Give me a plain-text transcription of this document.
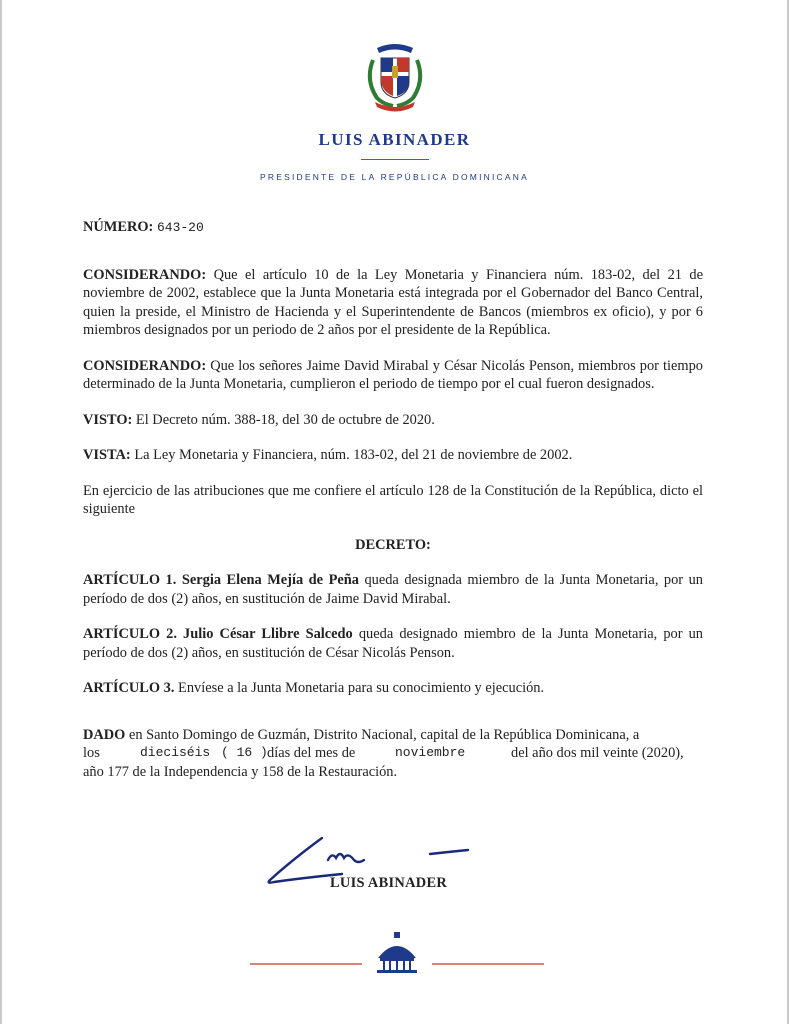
LUIS ABINADER
PRESIDENTE DE LA REPÚBLICA DOMINICANA

NÚMERO: 643-20

CONSIDERANDO: Que el artículo 10 de la Ley Monetaria y Financiera núm. 183-02, del 21 de noviembre de 2002, establece que la Junta Monetaria está integrada por el Gobernador del Banco Central, quien la preside, el Ministro de Hacienda y el Superintendente de Bancos (miembros ex oficio), y por 6 miembros designados por un periodo de 2 años por el presidente de la República.

CONSIDERANDO: Que los señores Jaime David Mirabal y César Nicolás Penson, miembros por tiempo determinado de la Junta Monetaria, cumplieron el periodo de tiempo por el cual fueron designados.

VISTO: El Decreto núm. 388-18, del 30 de octubre de 2020.

VISTA: La Ley Monetaria y Financiera, núm. 183-02, del 21 de noviembre de 2002.

En ejercicio de las atribuciones que me confiere el artículo 128 de la Constitución de la República, dicto el siguiente

DECRETO:

ARTÍCULO 1. Sergia Elena Mejía de Peña queda designada miembro de la Junta Monetaria, por un período de dos (2) años, en sustitución de Jaime David Mirabal.

ARTÍCULO 2. Julio César Llibre Salcedo queda designado miembro de la Junta Monetaria, por un período de dos (2) años, en sustitución de César Nicolás Penson.

ARTÍCULO 3. Envíese a la Junta Monetaria para su conocimiento y ejecución.

DADO en Santo Domingo de Guzmán, Distrito Nacional, capital de la República Dominicana, a

los	dieciséis ( 16 ) días del mes de	noviembre	del año dos mil veinte (2020),

año 177 de la Independencia y 158 de la Restauración.

LUIS ABINADER
